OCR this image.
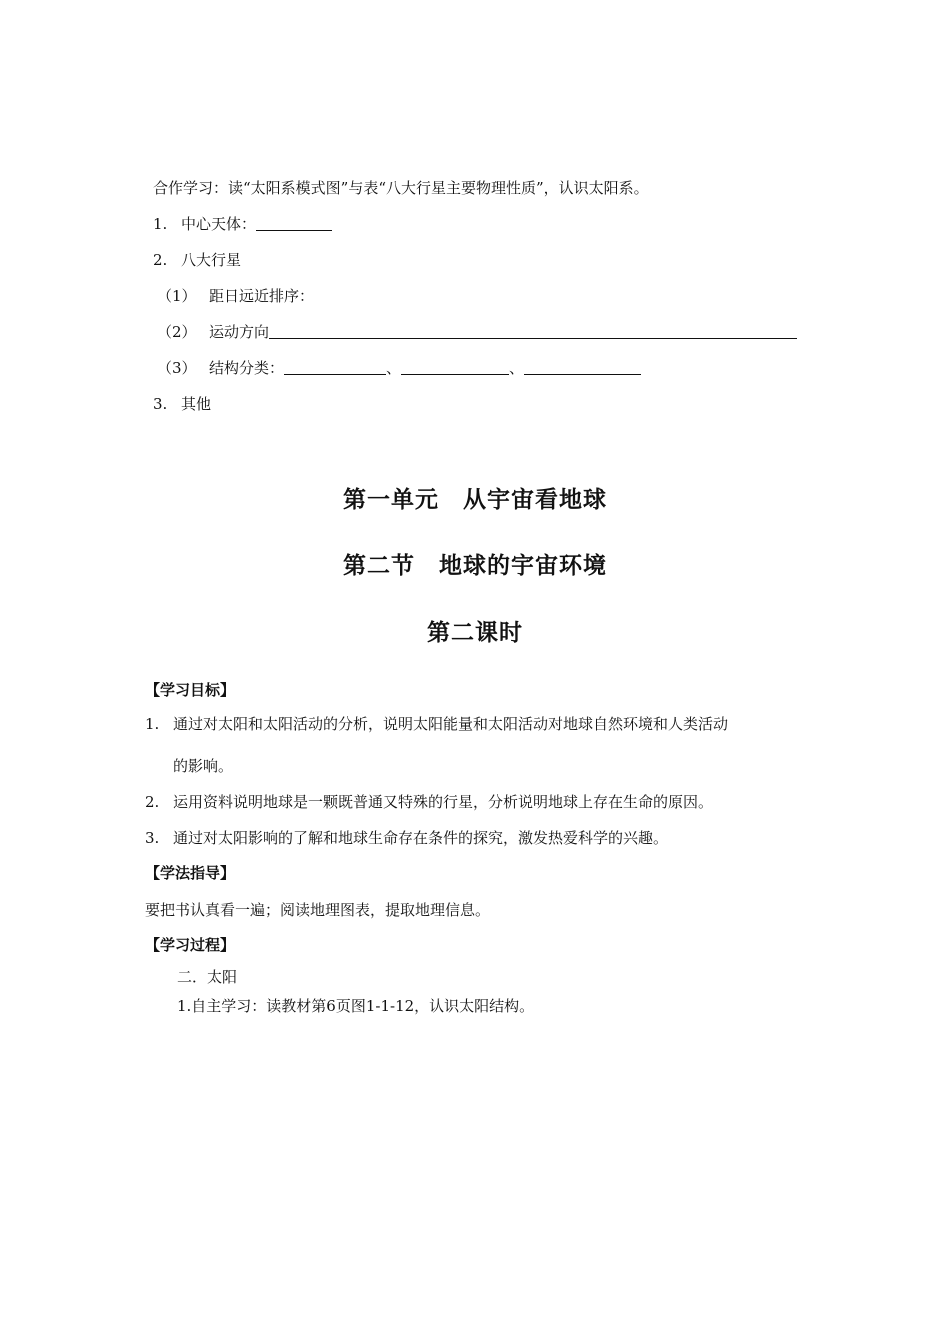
合作学习：读“太阳系模式图”与表“八大行星主要物理性质”，认识太阳系。
1. 中心天体：
2. 八大行星
（1） 距日远近排序：
（2） 运动方向
（3） 结构分类：	、	、
3. 其他
第一单元　从宇宙看地球
第二节　地球的宇宙环境
第二课时
【学习目标】
1. 通过对太阳和太阳活动的分析，说明太阳能量和太阳活动对地球自然环境和人类活动
的影响。
2. 运用资料说明地球是一颗既普通又特殊的行星，分析说明地球上存在生命的原因。
3. 通过对太阳影响的了解和地球生命存在条件的探究，激发热爱科学的兴趣。
【学法指导】
要把书认真看一遍；阅读地理图表，提取地理信息。
【学习过程】
二．太阳
1.自主学习：读教材第6页图1-1-12，认识太阳结构。
